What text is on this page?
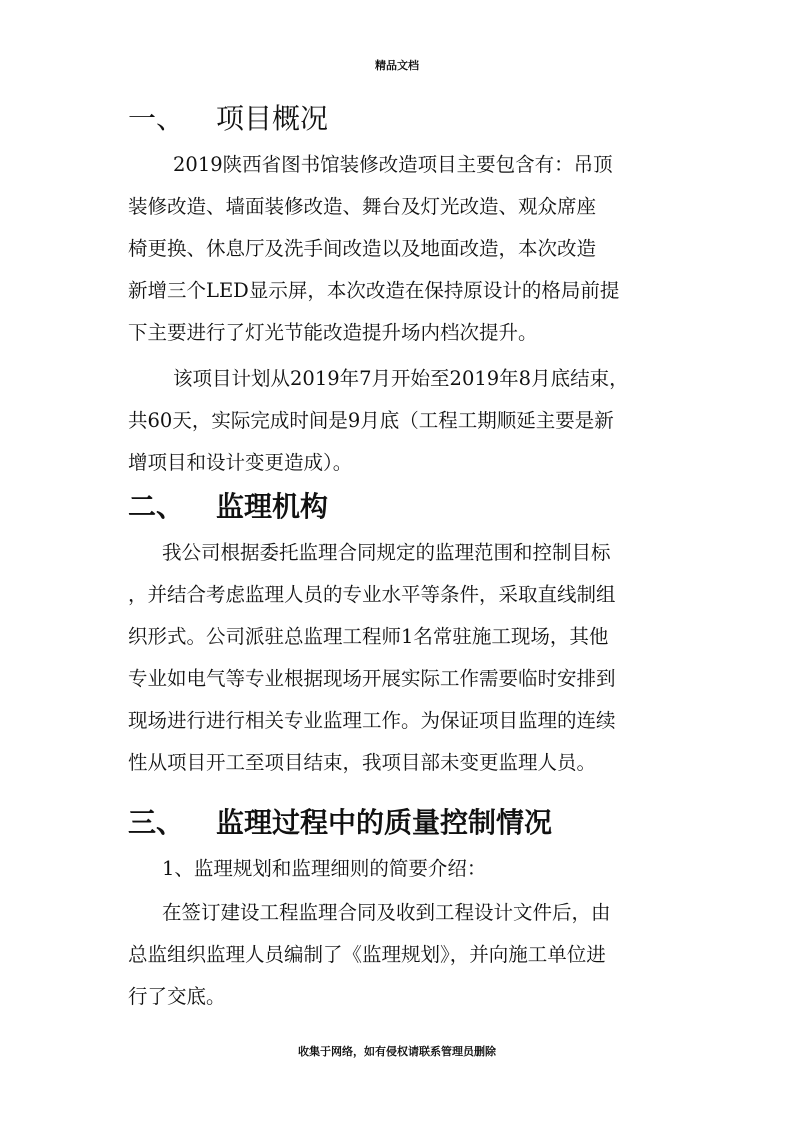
精品文档
一、 项目概况
2019陕西省图书馆装修改造项目主要包含有：吊顶
装修改造、墙面装修改造、舞台及灯光改造、观众席座
椅更换、休息厅及洗手间改造以及地面改造，本次改造
新增三个LED显示屏，本次改造在保持原设计的格局前提
下主要进行了灯光节能改造提升场内档次提升。
该项目计划从2019年7月开始至2019年8月底结束，
共60天，实际完成时间是9月底（工程工期顺延主要是新
增项目和设计变更造成）。
二、 监理机构
我公司根据委托监理合同规定的监理范围和控制目标
，并结合考虑监理人员的专业水平等条件，采取直线制组
织形式。公司派驻总监理工程师1名常驻施工现场，其他
专业如电气等专业根据现场开展实际工作需要临时安排到
现场进行进行相关专业监理工作。为保证项目监理的连续
性从项目开工至项目结束，我项目部未变更监理人员。
三、 监理过程中的质量控制情况
1、监理规划和监理细则的简要介绍：
在签订建设工程监理合同及收到工程设计文件后，由
总监组织监理人员编制了《监理规划》，并向施工单位进
行了交底。
收集于网络，如有侵权请联系管理员删除
